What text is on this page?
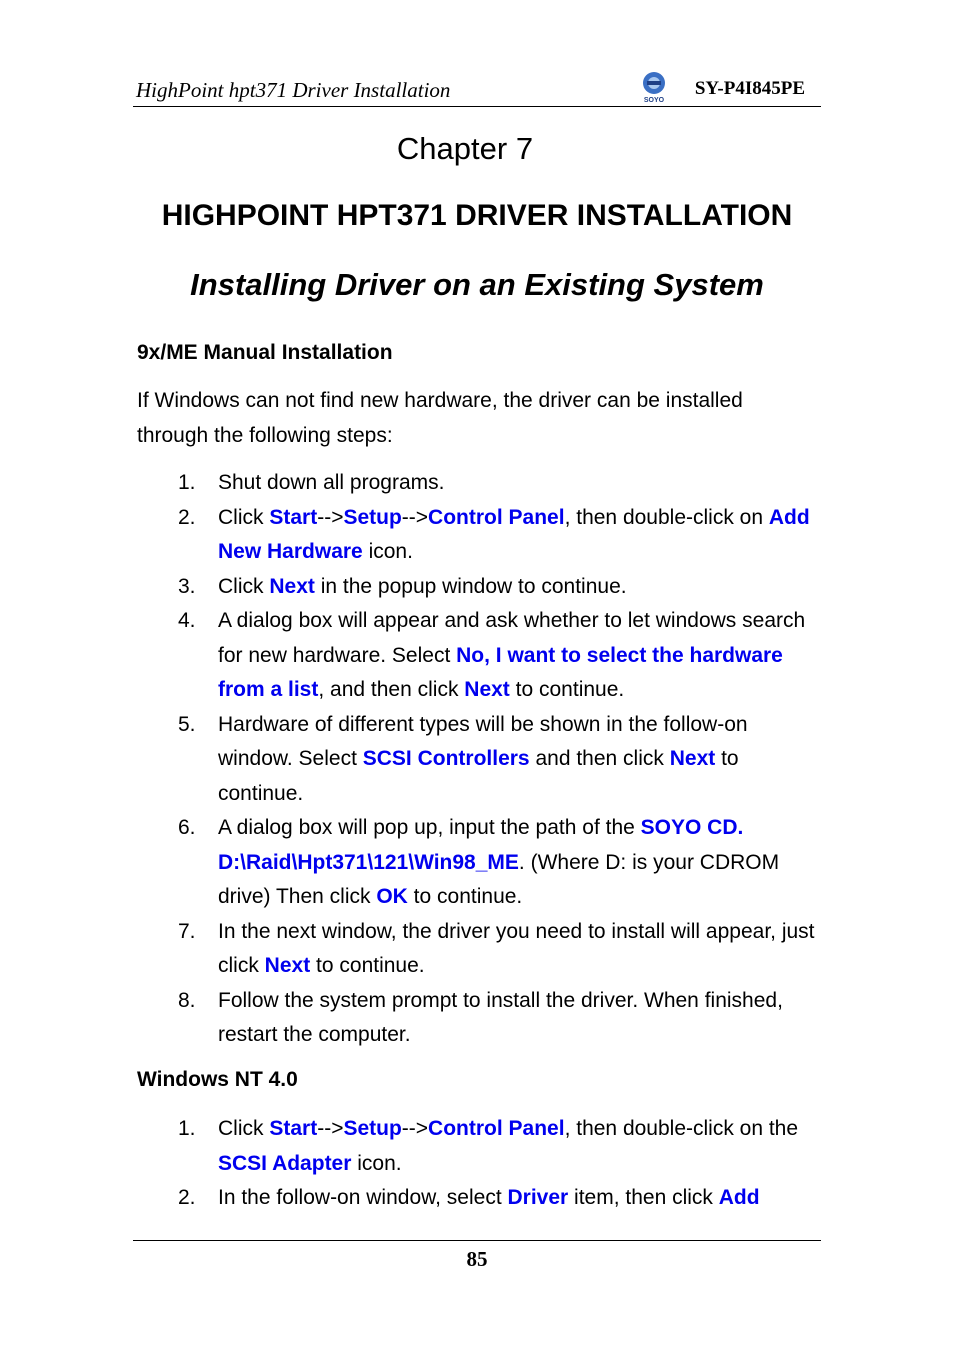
HighPoint hpt371 Driver Installation	SOYO
SY-P4I845PE
Chapter 7
HIGHPOINT HPT371 DRIVER INSTALLATION
Installing Driver on an Existing System
9x/ME Manual Installation
If Windows can not find new hardware, the driver can be installed through the following steps:
1. Shut down all programs.
2. Click Start-->Setup-->Control Panel, then double-click on Add New Hardware icon.
3. Click Next in the popup window to continue.
4. A dialog box will appear and ask whether to let windows search for new hardware. Select No, I want to select the hardware from a list, and then click Next to continue.
5. Hardware of different types will be shown in the follow-on window. Select SCSI Controllers and then click Next to continue.
6. A dialog box will pop up, input the path of the SOYO CD. D:\Raid\Hpt371\121\Win98_ME. (Where D: is your CDROM drive) Then click OK to continue.
7. In the next window, the driver you need to install will appear, just click Next to continue.
8. Follow the system prompt to install the driver. When finished, restart the computer.
Windows NT 4.0
1. Click Start-->Setup-->Control Panel, then double-click on the SCSI Adapter icon.
2. In the follow-on window, select Driver item, then click Add
85
